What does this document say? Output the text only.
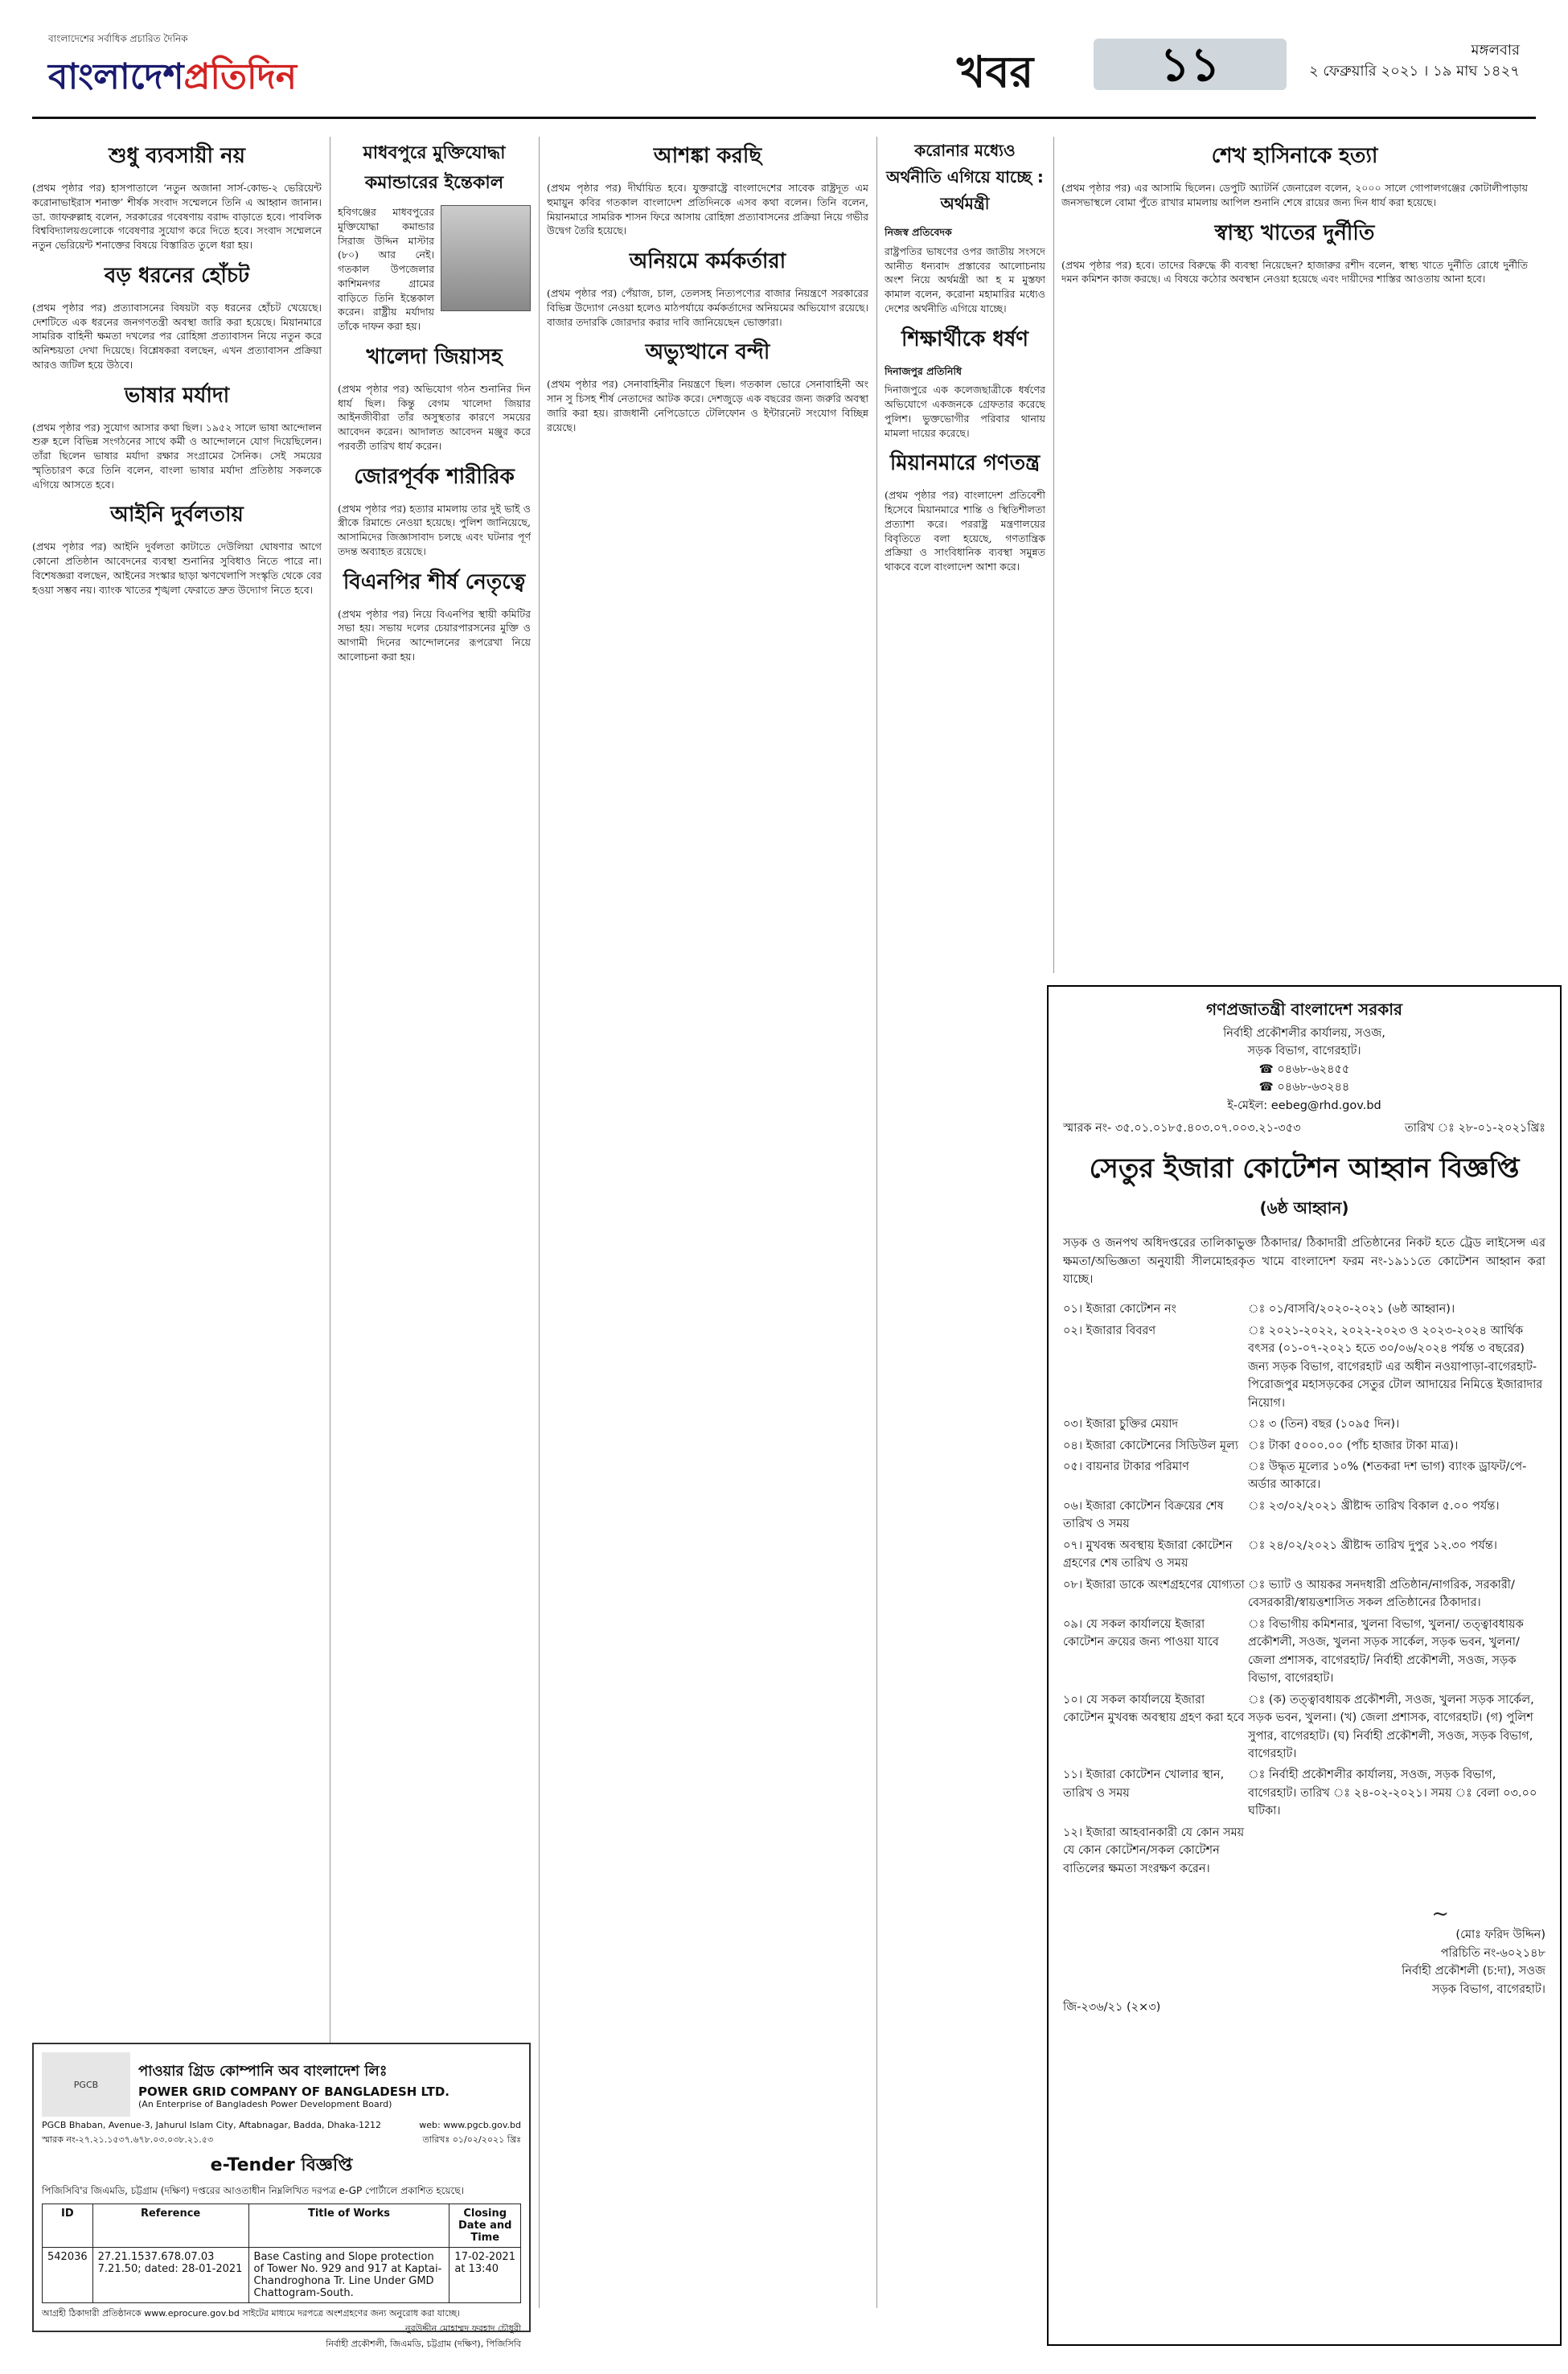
বাংলাদেশের সর্বাধিক প্রচারিত দৈনিক
বাংলাদেশপ্রতিদিন	খবর	১১	মঙ্গলবার
২ ফেব্রুয়ারি ২০২১ । ১৯ মাঘ ১৪২৭
শুধু ব্যবসায়ী নয়

(প্রথম পৃষ্ঠার পর) হাসপাতালে ‘নতুন অজানা সার্স-কোভ-২ ভেরিয়েন্ট করোনাভাইরাস শনাক্ত’ শীর্ষক সংবাদ সম্মেলনে তিনি এ আহ্বান জানান। ডা. জাফরুল্লাহ বলেন, সরকারের গবেষণায় বরাদ্দ বাড়াতে হবে। পাবলিক বিশ্ববিদ্যালয়গুলোকে গবেষণার সুযোগ করে দিতে হবে। সংবাদ সম্মেলনে নতুন ভেরিয়েন্ট শনাক্তের বিষয়ে বিস্তারিত তুলে ধরা হয়।

বড় ধরনের হোঁচট

(প্রথম পৃষ্ঠার পর) প্রত্যাবাসনের বিষয়টা বড় ধরনের হোঁচট খেয়েছে। দেশটিতে এক ধরনের জনগণতন্ত্রী অবস্থা জারি করা হয়েছে। মিয়ানমারে সামরিক বাহিনী ক্ষমতা দখলের পর রোহিঙ্গা প্রত্যাবাসন নিয়ে নতুন করে অনিশ্চয়তা দেখা দিয়েছে। বিশ্লেষকরা বলছেন, এখন প্রত্যাবাসন প্রক্রিয়া আরও জটিল হয়ে উঠবে।

ভাষার মর্যাদা

(প্রথম পৃষ্ঠার পর) সুযোগ আসার কথা ছিল। ১৯৫২ সালে ভাষা আন্দোলন শুরু হলে বিভিন্ন সংগঠনের সাথে কর্মী ও আন্দোলনে যোগ দিয়েছিলেন। তাঁরা ছিলেন ভাষার মর্যাদা রক্ষার সংগ্রামের সৈনিক। সেই সময়ের স্মৃতিচারণ করে তিনি বলেন, বাংলা ভাষার মর্যাদা প্রতিষ্ঠায় সকলকে এগিয়ে আসতে হবে।

আইনি দুর্বলতায়

(প্রথম পৃষ্ঠার পর) আইনি দুর্বলতা কাটাতে দেউলিয়া ঘোষণার আগে কোনো প্রতিষ্ঠান আবেদনের ব্যবস্থা শুনানির সুবিধাও নিতে পারে না। বিশেষজ্ঞরা বলছেন, আইনের সংস্কার ছাড়া ঋণখেলাপি সংস্কৃতি থেকে বের হওয়া সম্ভব নয়। ব্যাংক খাতের শৃঙ্খলা ফেরাতে দ্রুত উদ্যোগ নিতে হবে।

মাধবপুরে মুক্তিযোদ্ধা কমান্ডারের ইন্তেকাল

হবিগঞ্জের মাধবপুরের মুক্তিযোদ্ধা কমান্ডার সিরাজ উদ্দিন মাস্টার (৮০) আর নেই। গতকাল উপজেলার কাশিমনগর গ্রামের বাড়িতে তিনি ইন্তেকাল করেন। রাষ্ট্রীয় মর্যাদায় তাঁকে দাফন করা হয়।

খালেদা জিয়াসহ

(প্রথম পৃষ্ঠার পর) অভিযোগ গঠন শুনানির দিন ধার্য ছিল। কিন্তু বেগম খালেদা জিয়ার আইনজীবীরা তাঁর অসুস্থতার কারণে সময়ের আবেদন করেন। আদালত আবেদন মঞ্জুর করে পরবর্তী তারিখ ধার্য করেন।

জোরপূর্বক শারীরিক

(প্রথম পৃষ্ঠার পর) হত্যার মামলায় তার দুই ভাই ও স্ত্রীকে রিমান্ডে নেওয়া হয়েছে। পুলিশ জানিয়েছে, আসামিদের জিজ্ঞাসাবাদ চলছে এবং ঘটনার পূর্ণ তদন্ত অব্যাহত রয়েছে।

বিএনপির শীর্ষ নেতৃত্বে

(প্রথম পৃষ্ঠার পর) নিয়ে বিএনপির স্থায়ী কমিটির সভা হয়। সভায় দলের চেয়ারপারসনের মুক্তি ও আগামী দিনের আন্দোলনের রূপরেখা নিয়ে আলোচনা করা হয়।

আশঙ্কা করছি

(প্রথম পৃষ্ঠার পর) দীর্ঘায়িত হবে। যুক্তরাষ্ট্রে বাংলাদেশের সাবেক রাষ্ট্রদূত এম হুমায়ুন কবির গতকাল বাংলাদেশ প্রতিদিনকে এসব কথা বলেন। তিনি বলেন, মিয়ানমারে সামরিক শাসন ফিরে আসায় রোহিঙ্গা প্রত্যাবাসনের প্রক্রিয়া নিয়ে গভীর উদ্বেগ তৈরি হয়েছে।

অনিয়মে কর্মকর্তারা

(প্রথম পৃষ্ঠার পর) পেঁয়াজ, চাল, তেলসহ নিত্যপণ্যের বাজার নিয়ন্ত্রণে সরকারের বিভিন্ন উদ্যোগ নেওয়া হলেও মাঠপর্যায়ে কর্মকর্তাদের অনিয়মের অভিযোগ রয়েছে। বাজার তদারকি জোরদার করার দাবি জানিয়েছেন ভোক্তারা।

অভ্যুত্থানে বন্দী

(প্রথম পৃষ্ঠার পর) সেনাবাহিনীর নিয়ন্ত্রণে ছিল। গতকাল ভোরে সেনাবাহিনী অং সান সু চিসহ শীর্ষ নেতাদের আটক করে। দেশজুড়ে এক বছরের জন্য জরুরি অবস্থা জারি করা হয়। রাজধানী নেপিডোতে টেলিফোন ও ইন্টারনেট সংযোগ বিচ্ছিন্ন রয়েছে।

করোনার মধ্যেও অর্থনীতি এগিয়ে যাচ্ছে : অর্থমন্ত্রী

নিজস্ব প্রতিবেদক

রাষ্ট্রপতির ভাষণের ওপর জাতীয় সংসদে আনীত ধন্যবাদ প্রস্তাবের আলোচনায় অংশ নিয়ে অর্থমন্ত্রী আ হ ম মুস্তফা কামাল বলেন, করোনা মহামারির মধ্যেও দেশের অর্থনীতি এগিয়ে যাচ্ছে।

শিক্ষার্থীকে ধর্ষণ

দিনাজপুর প্রতিনিধি

দিনাজপুরে এক কলেজছাত্রীকে ধর্ষণের অভিযোগে একজনকে গ্রেফতার করেছে পুলিশ। ভুক্তভোগীর পরিবার থানায় মামলা দায়ের করেছে।

মিয়ানমারে গণতন্ত্র

(প্রথম পৃষ্ঠার পর) বাংলাদেশ প্রতিবেশী হিসেবে মিয়ানমারে শান্তি ও স্থিতিশীলতা প্রত্যাশা করে। পররাষ্ট্র মন্ত্রণালয়ের বিবৃতিতে বলা হয়েছে, গণতান্ত্রিক প্রক্রিয়া ও সাংবিধানিক ব্যবস্থা সমুন্নত থাকবে বলে বাংলাদেশ আশা করে।

শেখ হাসিনাকে হত্যা

(প্রথম পৃষ্ঠার পর) এর আসামি ছিলেন। ডেপুটি অ্যাটর্নি জেনারেল বলেন, ২০০০ সালে গোপালগঞ্জের কোটালীপাড়ায় জনসভাস্থলে বোমা পুঁতে রাখার মামলায় আপিল শুনানি শেষে রায়ের জন্য দিন ধার্য করা হয়েছে।

স্বাস্থ্য খাতের দুর্নীতি

(প্রথম পৃষ্ঠার পর) হবে। তাদের বিরুদ্ধে কী ব্যবস্থা নিয়েছেন? হাজারুর রশীদ বলেন, স্বাস্থ্য খাতে দুর্নীতি রোধে দুর্নীতি দমন কমিশন কাজ করছে। এ বিষয়ে কঠোর অবস্থান নেওয়া হয়েছে এবং দায়ীদের শাস্তির আওতায় আনা হবে।

গণপ্রজাতন্ত্রী বাংলাদেশ সরকার
নির্বাহী প্রকৌশলীর কার্যালয়, সওজ,
সড়ক বিভাগ, বাগেরহাট।
☎ ০৪৬৮-৬২৪৫৫
☎ ০৪৬৮-৬৩২৪৪
ই-মেইল: eebeg@rhd.gov.bd
স্মারক নং- ৩৫.০১.০১৮৫.৪০৩.০৭.০০৩.২১-৩৫৩	তারিখ ঃ ২৮-০১-২০২১খ্রিঃ
সেতুর ইজারা কোটেশন আহ্বান বিজ্ঞপ্তি
(৬ষ্ঠ আহ্বান)

সড়ক ও জনপথ অধিদপ্তরের তালিকাভুক্ত ঠিকাদার/ ঠিকাদারী প্রতিষ্ঠানের নিকট হতে ট্রেড লাইসেন্স এর ক্ষমতা/অভিজ্ঞতা অনুযায়ী সীলমোহরকৃত খামে বাংলাদেশ ফরম নং-১৯১১তে কোটেশন আহ্বান করা যাচ্ছে।

০১। ইজারা কোটেশন নং	ঃ ০১/বাসবি/২০২০-২০২১ (৬ষ্ঠ আহ্বান)।
০২। ইজারার বিবরণ	ঃ ২০২১-২০২২, ২০২২-২০২৩ ও ২০২৩-২০২৪ আর্থিক বৎসর (০১-০৭-২০২১ হতে ৩০/০৬/২০২৪ পর্যন্ত ৩ বছরের) জন্য সড়ক বিভাগ, বাগেরহাট এর অধীন নওয়াপাড়া-বাগেরহাট-পিরোজপুর মহাসড়কের সেতুর টোল আদায়ের নিমিত্তে ইজারাদার নিয়োগ।
০৩। ইজারা চুক্তির মেয়াদ	ঃ ৩ (তিন) বছর (১০৯৫ দিন)।
০৪। ইজারা কোটেশনের সিডিউল মূল্য ঃ টাকা ৫০০০.০০ (পাঁচ হাজার টাকা মাত্র)।
০৫। বায়নার টাকার পরিমাণ	ঃ উদ্ধৃত মূল্যের ১০% (শতকরা দশ ভাগ) ব্যাংক ড্রাফট/পে-অর্ডার আকারে।
০৬। ইজারা কোটেশন বিক্রয়ের শেষ তারিখ ও সময়
ঃ ২৩/০২/২০২১ খ্রীষ্টাব্দ তারিখ বিকাল ৫.০০ পর্যন্ত।
০৭। মুখবন্ধ অবস্থায় ইজারা কোটেশন গ্রহণের শেষ তারিখ ও সময়
ঃ ২৪/০২/২০২১ খ্রীষ্টাব্দ তারিখ দুপুর ১২.৩০ পর্যন্ত।
০৮। ইজারা ডাকে অংশগ্রহণের যোগ্যতা ঃ ভ্যাট ও আয়কর সনদধারী প্রতিষ্ঠান/নাগরিক, সরকারী/বেসরকারী/স্বায়ত্তশাসিত সকল প্রতিষ্ঠানের ঠিকাদার।
০৯। যে সকল কার্যালয়ে ইজারা কোটেশন ক্রয়ের জন্য পাওয়া যাবে
ঃ বিভাগীয় কমিশনার, খুলনা বিভাগ, খুলনা/ তত্ত্বাবধায়ক প্রকৌশলী, সওজ, খুলনা সড়ক সার্কেল, সড়ক ভবন, খুলনা/ জেলা প্রশাসক, বাগেরহাট/ নির্বাহী প্রকৌশলী, সওজ, সড়ক বিভাগ, বাগেরহাট।
১০। যে সকল কার্যালয়ে ইজারা কোটেশন মুখবন্ধ অবস্থায় গ্রহণ করা হবে
ঃ (ক) তত্ত্বাবধায়ক প্রকৌশলী, সওজ, খুলনা সড়ক সার্কেল, সড়ক ভবন, খুলনা। (খ) জেলা প্রশাসক, বাগেরহাট। (গ) পুলিশ সুপার, বাগেরহাট। (ঘ) নির্বাহী প্রকৌশলী, সওজ, সড়ক বিভাগ, বাগেরহাট।
১১। ইজারা কোটেশন খোলার স্থান, তারিখ ও সময়
ঃ নির্বাহী প্রকৌশলীর কার্যালয়, সওজ, সড়ক বিভাগ, বাগেরহাট। তারিখ ঃ ২৪-০২-২০২১। সময় ঃ বেলা ০৩.০০ ঘটিকা।
১২। ইজারা আহবানকারী যে কোন সময় যে কোন কোটেশন/সকল কোটেশন বাতিলের ক্ষমতা সংরক্ষণ করেন।
~
(মোঃ ফরিদ উদ্দিন)
পরিচিতি নং-৬০২১৪৮
নির্বাহী প্রকৌশলী (চ:দা), সওজ
সড়ক বিভাগ, বাগেরহাট।
জি-২৩৬/২১ (২×৩)
PGCB
পাওয়ার গ্রিড কোম্পানি অব বাংলাদেশ লিঃ
POWER GRID COMPANY OF BANGLADESH LTD.
(An Enterprise of Bangladesh Power Development Board)
PGCB Bhaban, Avenue-3, Jahurul Islam City, Aftabnagar, Badda, Dhaka-1212	web: www.pgcb.gov.bd
স্মারক নং-২৭.২১.১৫৩৭.৬৭৮.০৩.০৩৮.২১.৫৩	তারিখঃ ০১/০২/২০২১ খ্রিঃ
e-Tender বিজ্ঞপ্তি
পিজিসিবি'র জিএমডি, চট্টগ্রাম (দক্ষিণ) দপ্তরের আওতাধীন নিম্নলিখিত দরপত্র e-GP পোর্টালে প্রকাশিত হয়েছে।
ID	Reference	Title of Works	Closing Date and Time
542036	27.21.1537.678.07.03 7.21.50; dated: 28-01-2021	Base Casting and Slope protection of Tower No. 929 and 917 at Kaptai-Chandroghona Tr. Line Under GMD Chattogram-South.	17-02-2021 at 13:40
আগ্রহী ঠিকাদারী প্রতিষ্ঠানকে www.eprocure.gov.bd সাইটের মাধ্যমে দরপত্রে অংশগ্রহণের জন্য অনুরোধ করা যাচ্ছে।
নুরউদ্দীন মোহাম্মদ ফরহাদ চৌধুরী
নির্বাহী প্রকৌশলী, জিএমডি, চট্টগ্রাম (দক্ষিণ), পিজিসিবি
